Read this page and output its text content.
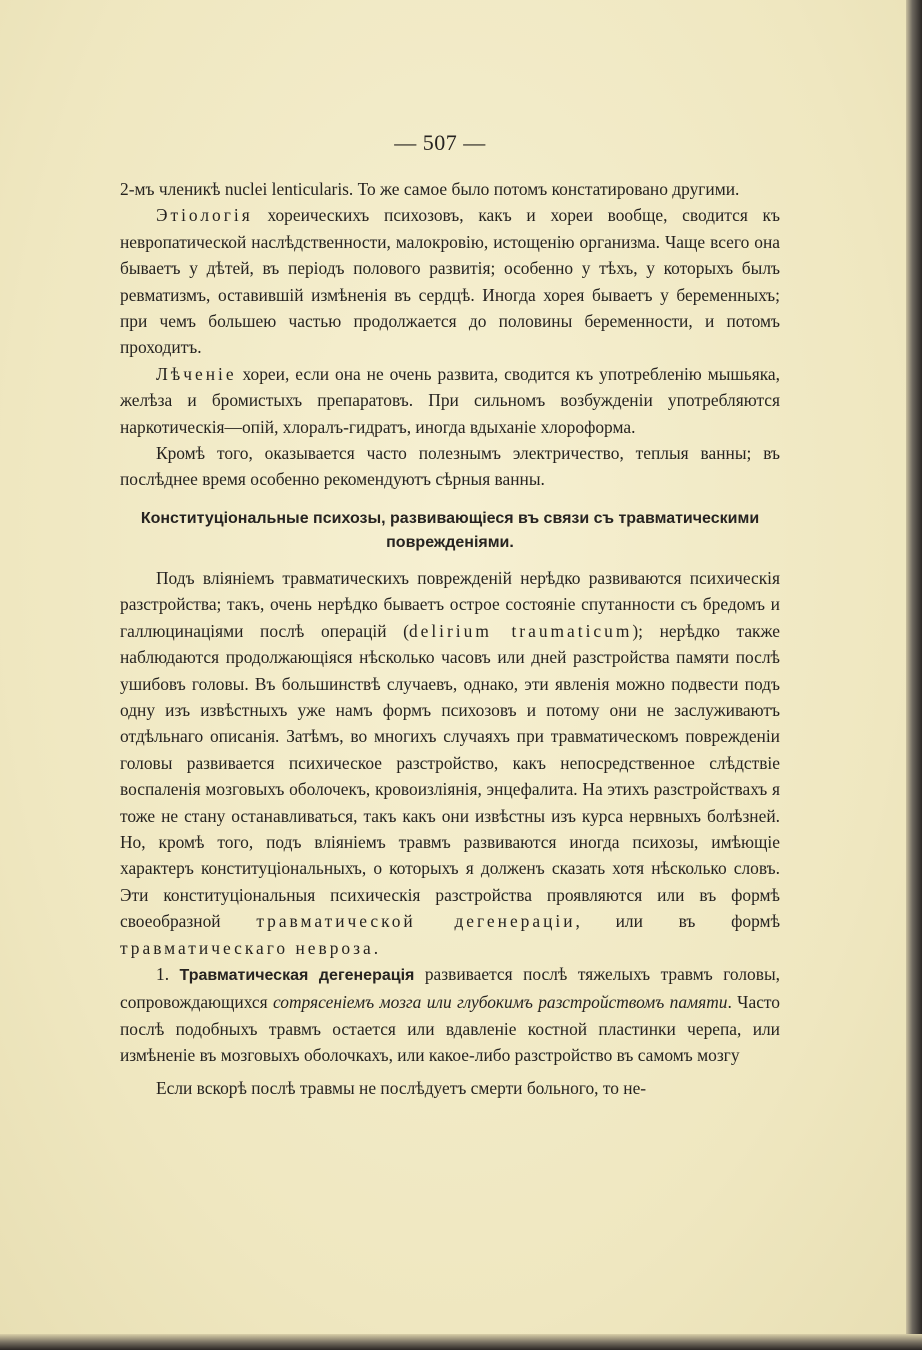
— 507 —

2-мъ членикѣ nuclei lenticularis. То же самое было потомъ констатировано другими.

Этiологiя хореическихъ психозовъ, какъ и хореи вообще, сводится къ невропатической наслѣдственности, малокровiю, истощенiю организма. Чаще всего она бываетъ у дѣтей, въ перiодъ полового развитiя; особенно у тѣхъ, у которыхъ былъ ревматизмъ, оставившiй измѣненiя въ сердцѣ. Иногда хорея бываетъ у беременныхъ; при чемъ большею частью продолжается до половины беременности, и потомъ проходитъ.

Лѣченiе хореи, если она не очень развита, сводится къ употребленiю мышьяка, желѣза и бромистыхъ препаратовъ. При сильномъ возбужденiи употребляются наркотическiя—опiй, хлоралъ-гидратъ, иногда вдыханiе хлороформа.

Кромѣ того, оказывается часто полезнымъ электричество, теплыя ванны; въ послѣднее время особенно рекомендуютъ сѣрныя ванны.

Конституцiональные психозы, развивающiеся въ связи съ травматическими поврежденiями.

Подъ влiянiемъ травматическихъ поврежденiй нерѣдко развиваются психическiя разстройства; такъ, очень нерѣдко бываетъ острое состоянiе спутанности съ бредомъ и галлюцинацiями послѣ операцiй (delirium traumaticum); нерѣдко также наблюдаются продолжающiяся нѣсколько часовъ или дней разстройства памяти послѣ ушибовъ головы. Въ большинствѣ случаевъ, однако, эти явленiя можно подвести подъ одну изъ извѣстныхъ уже намъ формъ психозовъ и потому они не заслуживаютъ отдѣльнаго описанiя. Затѣмъ, во многихъ случаяхъ при травматическомъ поврежденiи головы развивается психическое разстройство, какъ непосредственное слѣдствiе воспаленiя мозговыхъ оболочекъ, кровоизлiянiя, энцефалита. На этихъ разстройствахъ я тоже не стану останавливаться, такъ какъ они извѣстны изъ курса нервныхъ болѣзней. Но, кромѣ того, подъ влiянiемъ травмъ развиваются иногда психозы, имѣющiе характеръ конституцiональныхъ, о которыхъ я долженъ сказать хотя нѣсколько словъ. Эти конституцiональныя психическiя разстройства проявляются или въ формѣ своеобразной травматической дегенерацiи, или въ формѣ травматическаго невроза.

1. Травматическая дегенерацiя развивается послѣ тяжелыхъ травмъ головы, сопровождающихся сотрясенiемъ мозга или глубокимъ разстройствомъ памяти. Часто послѣ подобныхъ травмъ остается или вдавленiе костной пластинки черепа, или измѣненiе въ мозговыхъ оболочкахъ, или какое-либо разстройство въ самомъ мозгу

Если вскорѣ послѣ травмы не послѣдуетъ смерти больного, то не-
